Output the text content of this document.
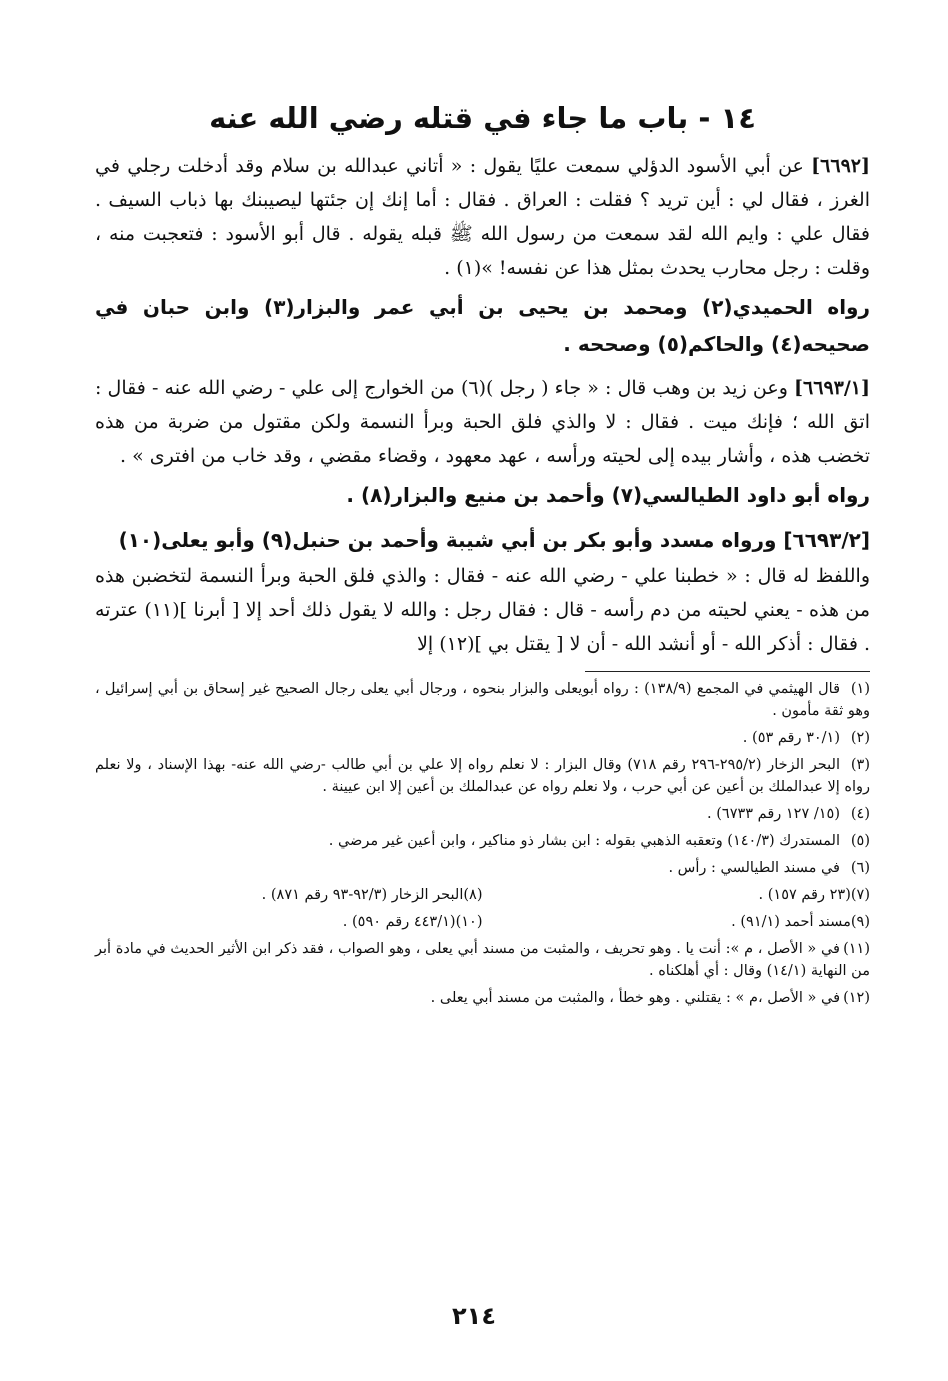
١٤ - باب ما جاء في قتله رضي الله عنه

[٦٦٩٢] عن أبي الأسود الدؤلي سمعت عليًا يقول : « أتاني عبدالله بن سلام وقد أدخلت رجلي في الغرز ، فقال لي : أين تريد ؟ فقلت : العراق . فقال : أما إنك إن جئتها ليصيبنك بها ذباب السيف . فقال علي : وايم الله لقد سمعت من رسول الله ﷺ قبله يقوله . قال أبو الأسود : فتعجبت منه ، وقلت : رجل محارب يحدث بمثل هذا عن نفسه! »(١) .

رواه الحميدي(٢) ومحمد بن يحيى بن أبي عمر والبزار(٣) وابن حبان في صحيحه(٤) والحاكم(٥) وصححه .

[٦٦٩٣/١] وعن زيد بن وهب قال : « جاء ( رجل )(٦) من الخوارج إلى علي - رضي الله عنه - فقال : اتق الله ؛ فإنك ميت . فقال : لا والذي فلق الحبة وبرأ النسمة ولكن مقتول من ضربة من هذه تخضب هذه ، وأشار بيده إلى لحيته ورأسه ، عهد معهود ، وقضاء مقضي ، وقد خاب من افترى » .

رواه أبو داود الطيالسي(٧) وأحمد بن منيع والبزار(٨) .

[٦٦٩٣/٢] ورواه مسدد وأبو بكر بن أبي شيبة وأحمد بن حنبل(٩) وأبو يعلى(١٠)
واللفظ له قال : « خطبنا علي - رضي الله عنه - فقال : والذي فلق الحبة وبرأ النسمة لتخضبن هذه من هذه - يعني لحيته من دم رأسه - قال : فقال رجل : والله لا يقول ذلك أحد إلا [ أبرنا ](١١) عترته . فقال : أذكر الله - أو أنشد الله - أن لا [ يقتل بي ](١٢) إلا

(١)قال الهيثمي في المجمع (١٣٨/٩) : رواه أبويعلى والبزار بنحوه ، ورجال أبي يعلى رجال الصحيح غير إسحاق بن أبي إسرائيل ، وهو ثقة مأمون .

(٢)(٣٠/١ رقم ٥٣) .

(٣)البحر الزخار (٢٩٥/٢-٢٩٦ رقم ٧١٨) وقال البزار : لا نعلم رواه إلا علي بن أبي طالب -رضي الله عنه- بهذا الإسناد ، ولا نعلم رواه إلا عبدالملك بن أعين عن أبي حرب ، ولا نعلم رواه عن عبدالملك بن أعين إلا ابن عيينة .

(٤)(١٥/ ١٢٧ رقم ٦٧٣٣) .

(٥)المستدرك (١٤٠/٣) وتعقبه الذهبي بقوله : ابن بشار ذو مناكير ، وابن أعين غير مرضي .

(٦)في مسند الطيالسي : رأس .

(٧)(٢٣ رقم ١٥٧) .
(٨)البحر الزخار (٩٢/٣-٩٣ رقم ٨٧١) .
(٩)مسند أحمد (٩١/١) .
(١٠)(٤٤٣/١ رقم ٥٩٠) .

(١١)في « الأصل ، م »: أنت يا . وهو تحريف ، والمثبت من مسند أبي يعلى ، وهو الصواب ، فقد ذكر ابن الأثير الحديث في مادة أبر من النهاية (١٤/١) وقال : أي أهلكناه .

(١٢)في « الأصل ،م » : يقتلني . وهو خطأ ، والمثبت من مسند أبي يعلى .

٢١٤
